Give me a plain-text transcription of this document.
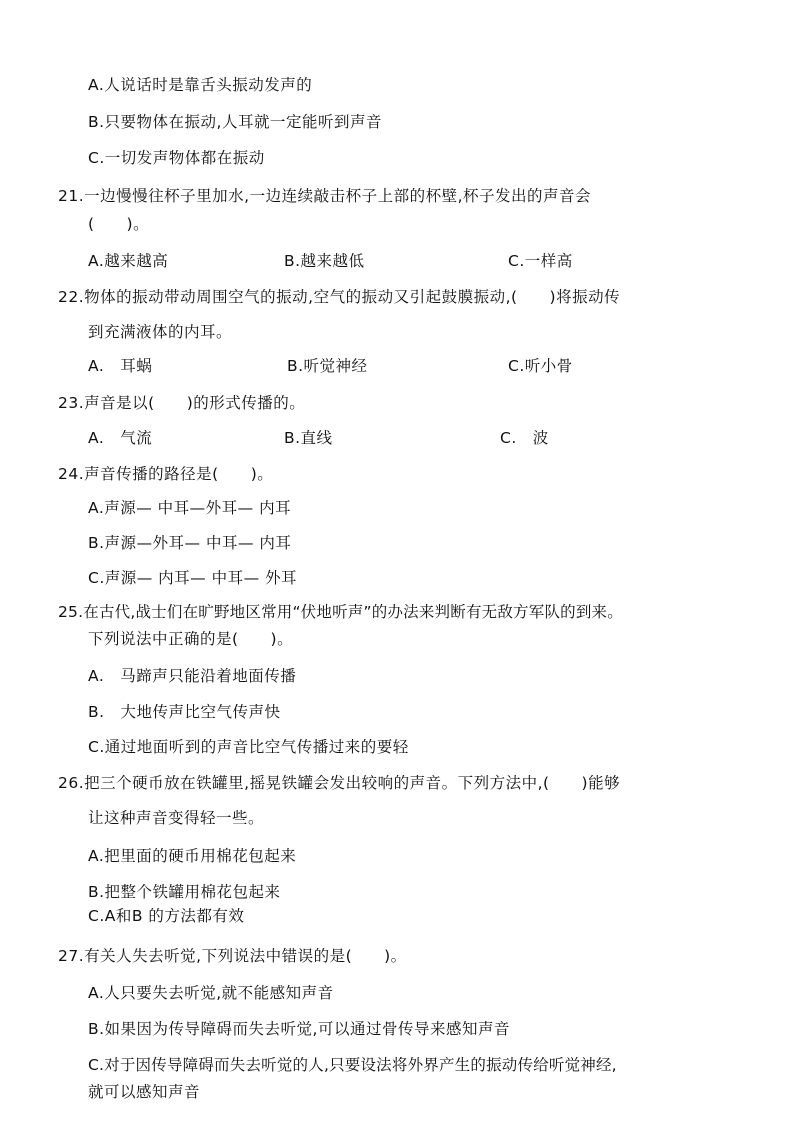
A.人说话时是靠舌头振动发声的
B.只要物体在振动,人耳就一定能听到声音
C.一切发声物体都在振动
21.一边慢慢往杯子里加水,一边连续敲击杯子上部的杯壁,杯子发出的声音会
(　　)。
A.越来越高	B.越来越低	C.一样高
22.物体的振动带动周围空气的振动,空气的振动又引起鼓膜振动,(　　)将振动传
到充满液体的内耳。
A.　耳蜗	B.听觉神经	C.听小骨
23.声音是以(　　)的形式传播的。
A.　气流	B.直线	C.　波
24.声音传播的路径是(　　)。
A.声源— 中耳—外耳— 内耳
B.声源—外耳— 中耳— 内耳
C.声源— 内耳— 中耳— 外耳
25.在古代,战士们在旷野地区常用“伏地听声”的办法来判断有无敌方军队的到来。
下列说法中正确的是(　　)。
A.　马蹄声只能沿着地面传播
B.　大地传声比空气传声快
C.通过地面听到的声音比空气传播过来的要轻
26.把三个硬币放在铁罐里,摇晃铁罐会发出较响的声音。下列方法中,(　　)能够
让这种声音变得轻一些。
A.把里面的硬币用棉花包起来
B.把整个铁罐用棉花包起来
C.A和B 的方法都有效
27.有关人失去听觉,下列说法中错误的是(　　)。
A.人只要失去听觉,就不能感知声音
B.如果因为传导障碍而失去听觉,可以通过骨传导来感知声音
C.对于因传导障碍而失去听觉的人,只要设法将外界产生的振动传给听觉神经,
就可以感知声音
